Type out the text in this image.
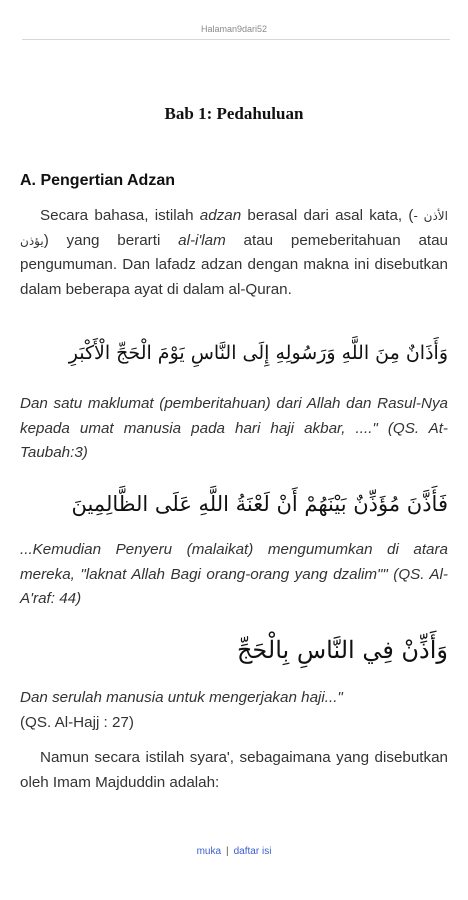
Halaman9dari52
Bab 1: Pedahuluan
A. Pengertian Adzan
Secara bahasa, istilah adzan berasal dari asal kata, (الأذن - يؤذن) yang berarti al-i'lam atau pemeberitahuan atau pengumuman. Dan lafadz adzan dengan makna ini disebutkan dalam beberapa ayat di dalam al-Quran.
وَأَذَانٌ مِنَ اللَّهِ وَرَسُولِهِ إِلَى النَّاسِ يَوْمَ الْحَجِّ الْأَكْبَرِ
Dan satu maklumat (pemberitahuan) dari Allah dan Rasul-Nya kepada umat manusia pada hari haji akbar, ...." (QS. At-Taubah:3)
فَأَذَّنَ مُؤَذِّنٌ بَيْنَهُمْ أَنْ لَعْنَةُ اللَّهِ عَلَى الظَّالِمِينَ
...Kemudian Penyeru (malaikat) mengumumkan di atara mereka, "laknat Allah Bagi orang-orang yang dzalim"" (QS. Al-A'raf: 44)
وَأَذِّنْ فِي النَّاسِ بِالْحَجِّ
Dan serulah manusia untuk mengerjakan haji..."
(QS. Al-Hajj : 27)
Namun secara istilah syara', sebagaimana yang disebutkan oleh Imam Majduddin adalah:
muka | daftar isi
